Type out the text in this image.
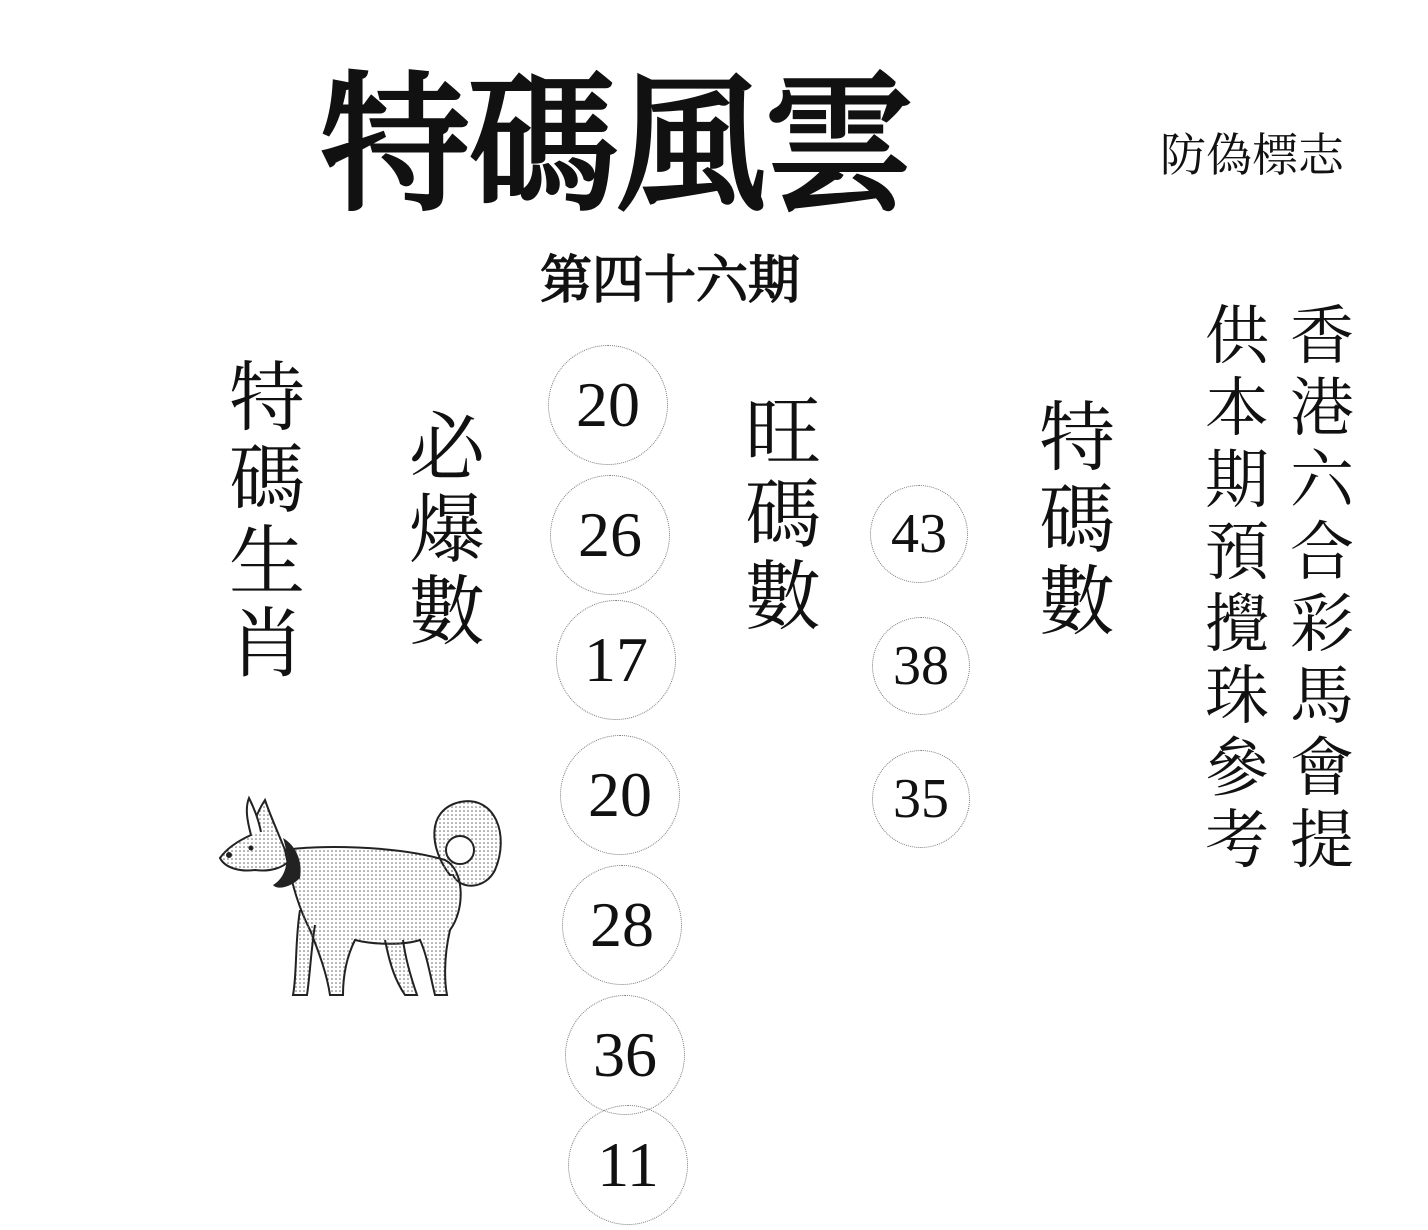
特碼風雲	防偽標志
第四十六期
特
碼
生
肖
必
爆
數
20
26
17
20
28
36
11
旺
碼
數
43
38
35
特
碼
數
香
港
六
合
彩
馬
會
提
供
本
期
預
攪
珠
參
考
